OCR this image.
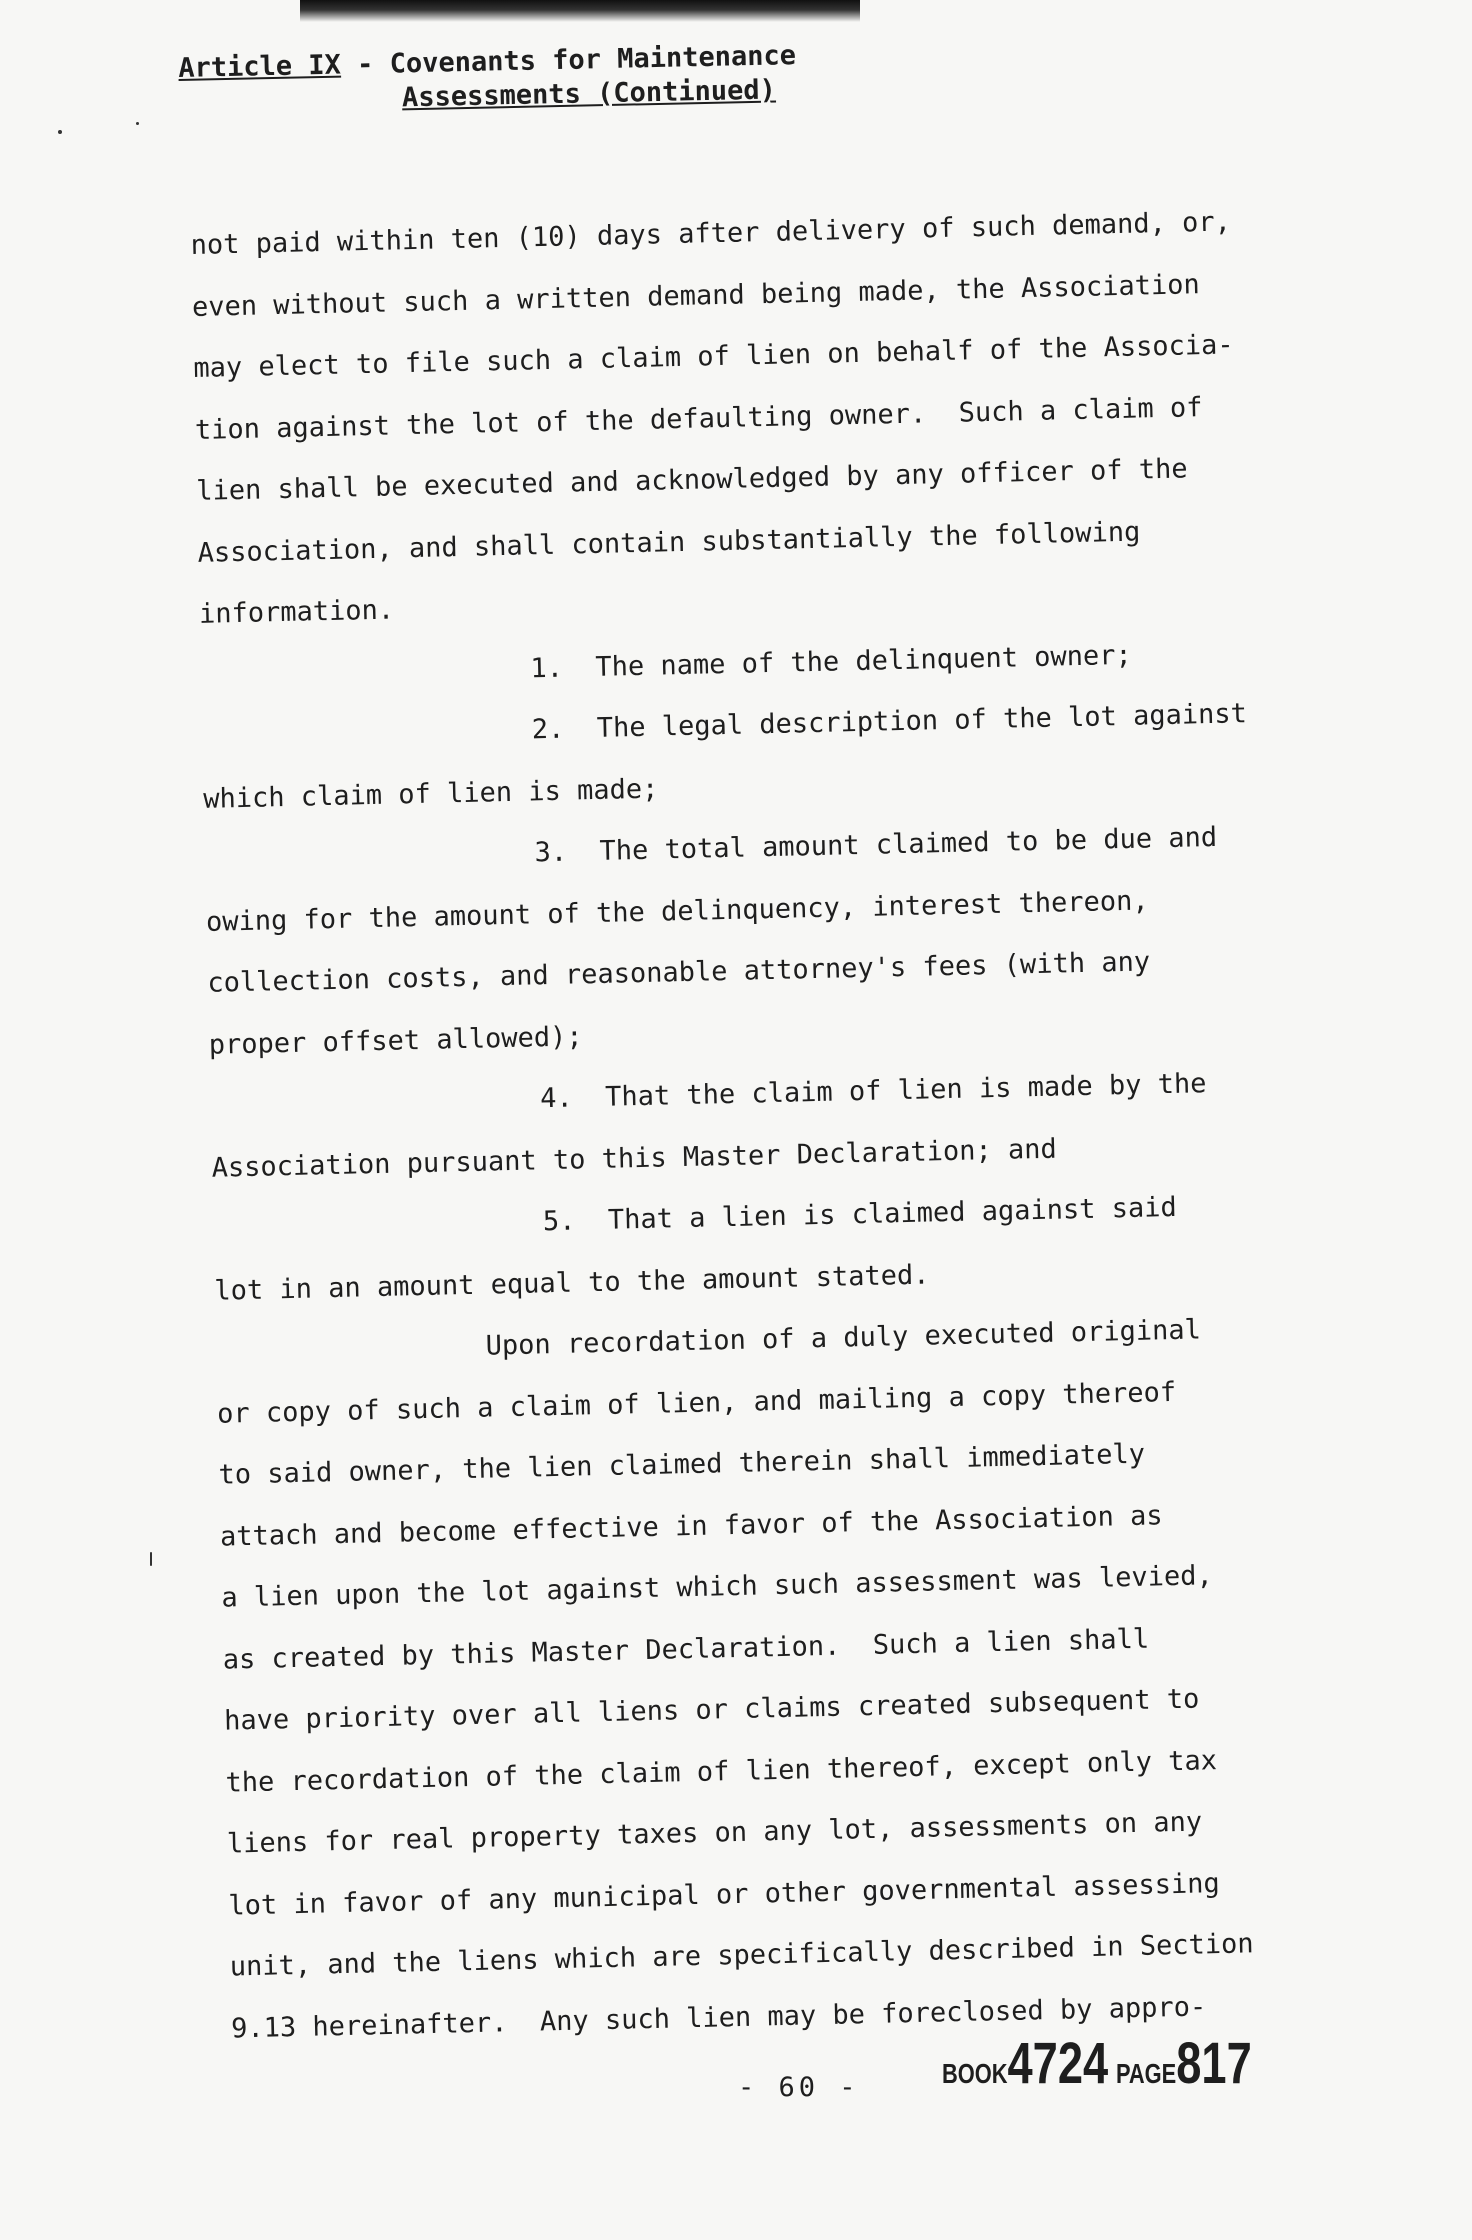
Article IX - Covenants for Maintenance
Assessments (Continued)
not paid within ten (10) days after delivery of such demand, or,
even without such a written demand being made, the Association
may elect to file such a claim of lien on behalf of the Associa-
tion against the lot of the defaulting owner.  Such a claim of
lien shall be executed and acknowledged by any officer of the
Association, and shall contain substantially the following
information.
1. The name of the delinquent owner;
2. The legal description of the lot against
which claim of lien is made;
3. The total amount claimed to be due and
owing for the amount of the delinquency, interest thereon,
collection costs, and reasonable attorney's fees (with any
proper offset allowed);
4. That the claim of lien is made by the
Association pursuant to this Master Declaration; and
5. That a lien is claimed against said
lot in an amount equal to the amount stated.
Upon recordation of a duly executed original
or copy of such a claim of lien, and mailing a copy thereof
to said owner, the lien claimed therein shall immediately
attach and become effective in favor of the Association as
a lien upon the lot against which such assessment was levied,
as created by this Master Declaration.  Such a lien shall
have priority over all liens or claims created subsequent to
the recordation of the claim of lien thereof, except only tax
liens for real property taxes on any lot, assessments on any
lot in favor of any municipal or other governmental assessing
unit, and the liens which are specifically described in Section
9.13 hereinafter.  Any such lien may be foreclosed by appro-
- 60 -	BOOK 4724 PAGE 817
